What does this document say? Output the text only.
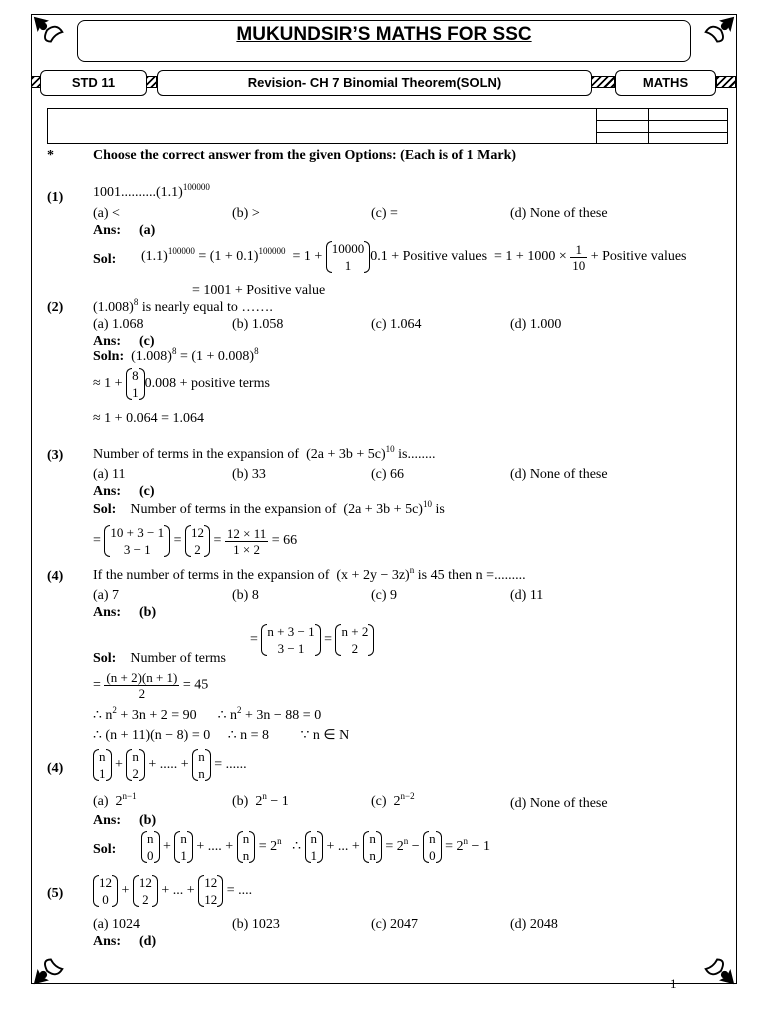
MUKUNDSIR’S MATHS FOR SSC
STD 11	Revision- CH 7 Binomial Theorem(SOLN)	MATHS
*	Choose the correct answer from the given Options: (Each is of 1 Mark)
(1) $1001..........(1.1)^{100000}$
(a) <	(b) >	(c) =	(d) None of these
Ans: (a)
Sol: $(1.1)^{100000} = (1 + 0.1)^{100000} = 1 + 10000$
10.1 + Positive values  = $1 + 1000 \times \frac{1}{10}$ + Positive values
= 1001 + Positive value
(2) $(1.008)^8$ is nearly equal to …….
(a) 1.068	(b) 1.058	(c) 1.064	(d) 1.000
Ans: (c)
Soln:  $(1.008)^8 = (1 + 0.008)^8$
≈ 1 + 8
10.008 + positive terms
≈ 1 + 0.064 = 1.064
(3) Number of terms in the expansion of  $(2a + 3b + 5c)^{10}$ is........
(a) 11	(b) 33	(c) 66	(d) None of these
Ans: (c)
Sol: Number of terms in the expansion of  $(2a + 3b + 5c)^{10}$ is
= 10 + 3 − 1
3 − 1 = 12
$2 = \frac{12 \times 11}{1 \times 2} = 66$
(4) If the number of terms in the expansion of  $(x + 2y - 3z)^n$ is 45 then n =.........
(a) 7	(b) 8	(c) 9	(d) 11
Ans: (b)
= n + 3 − 1
3 − 1 = n + 2
2
Sol: Number of terms
= $\frac{(n + 2)(n + 1)}{2} = 45$
∴ $n^2 + 3n + 2 = 90$      ∴ $n^2 + 3n - 88 = 0$
∴ (n + 11)(n − 8) = 0     ∴ n = 8         ∵ n ∈ N
(4)
n
1 + n
2 + ..... + n
n = ......
(a)  $2^{n-1}$	(b)  $2^n - 1$	(c)  $2^{n-2}$	(d) None of these
Ans: (b)
Sol:
n
0 + n
1 + .... + n
$n = 2^n$   ∴ n
1 + ... + n
$n = 2^n - n$
$0 = 2^n - 1$
(5)
12
0 + 12
2 + ... + 12
12 = ....
(a) 1024	(b) 1023	(c) 2047	(d) 2048
Ans: (d)
1
